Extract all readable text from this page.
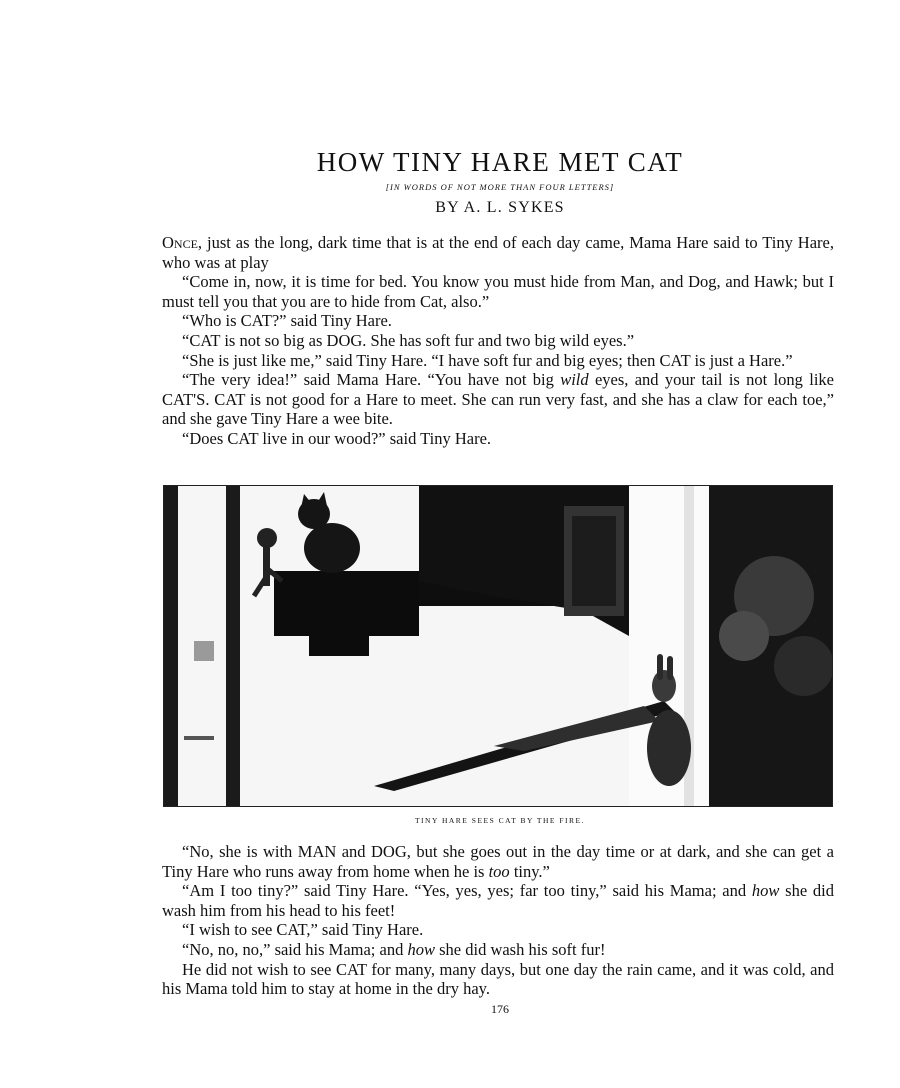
HOW TINY HARE MET CAT
[IN WORDS OF NOT MORE THAN FOUR LETTERS]
BY A. L. SYKES

Once, just as the long, dark time that is at the end of each day came, Mama Hare said to Tiny Hare, who was at play

“Come in, now, it is time for bed. You know you must hide from Man, and Dog, and Hawk; but I must tell you that you are to hide from Cat, also.”

“Who is CAT?” said Tiny Hare.

“CAT is not so big as DOG. She has soft fur and two big wild eyes.”

“She is just like me,” said Tiny Hare. “I have soft fur and big eyes; then CAT is just a Hare.”

“The very idea!” said Mama Hare. “You have not big wild eyes, and your tail is not long like CAT'S. CAT is not good for a Hare to meet. She can run very fast, and she has a claw for each toe,” and she gave Tiny Hare a wee bite.

“Does CAT live in our wood?” said Tiny Hare.

TINY HARE SEES CAT BY THE FIRE.

“No, she is with MAN and DOG, but she goes out in the day time or at dark, and she can get a Tiny Hare who runs away from home when he is too tiny.”

“Am I too tiny?” said Tiny Hare. “Yes, yes, yes; far too tiny,” said his Mama; and how she did wash him from his head to his feet!

“I wish to see CAT,” said Tiny Hare.

“No, no, no,” said his Mama; and how she did wash his soft fur!

He did not wish to see CAT for many, many days, but one day the rain came, and it was cold, and his Mama told him to stay at home in the dry hay.

176
